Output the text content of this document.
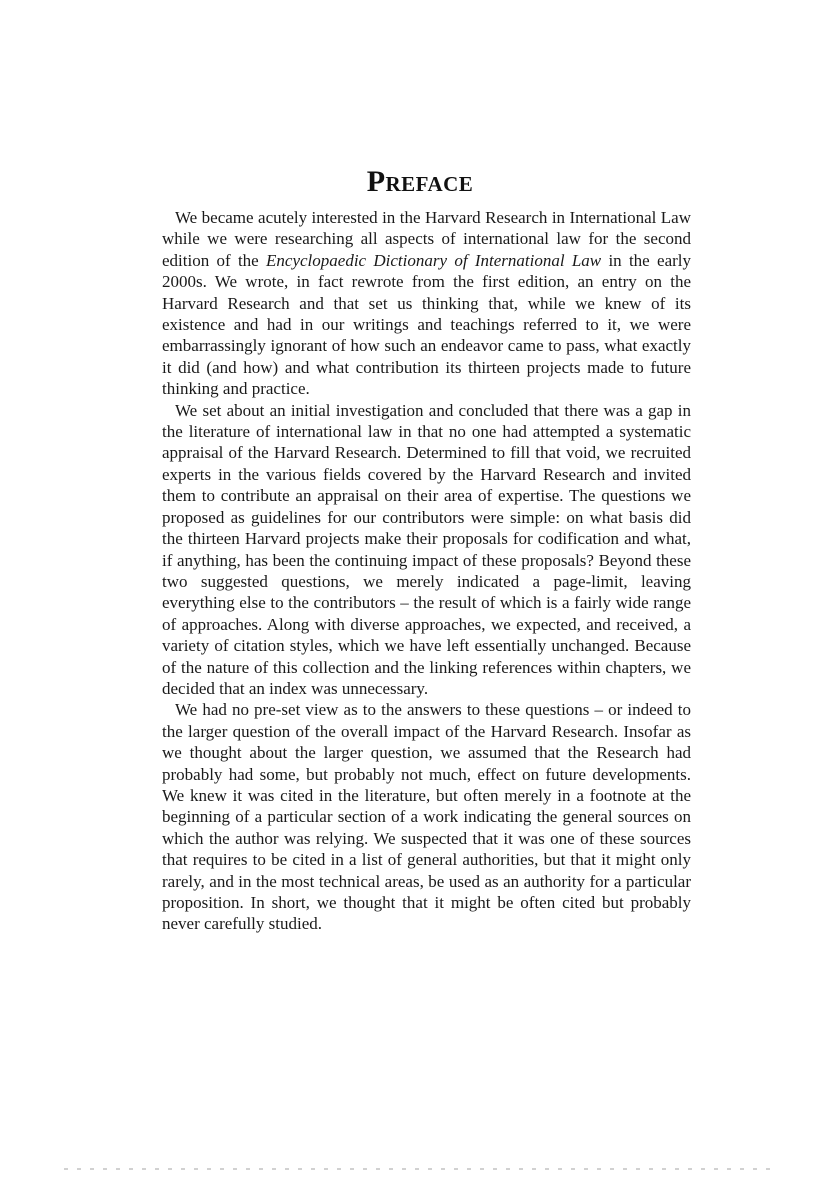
Preface

We became acutely interested in the Harvard Research in International Law while we were researching all aspects of international law for the second edition of the Encyclopaedic Dictionary of International Law in the early 2000s. We wrote, in fact rewrote from the first edition, an entry on the Harvard Research and that set us thinking that, while we knew of its existence and had in our writings and teachings referred to it, we were embarrassingly ignorant of how such an endeavor came to pass, what exactly it did (and how) and what contribution its thirteen projects made to future thinking and practice.

We set about an initial investigation and concluded that there was a gap in the literature of international law in that no one had attempted a systematic appraisal of the Harvard Research. Determined to fill that void, we recruited experts in the various fields covered by the Harvard Research and invited them to contribute an appraisal on their area of expertise. The questions we proposed as guidelines for our contributors were simple: on what basis did the thirteen Harvard projects make their proposals for codification and what, if anything, has been the continuing impact of these proposals? Beyond these two suggested questions, we merely indicated a page-limit, leaving everything else to the contributors – the result of which is a fairly wide range of approaches. Along with diverse approaches, we expected, and received, a variety of citation styles, which we have left essentially unchanged. Because of the nature of this collection and the linking references within chapters, we decided that an index was unnecessary.

We had no pre-set view as to the answers to these questions – or indeed to the larger question of the overall impact of the Harvard Research. Insofar as we thought about the larger question, we assumed that the Research had probably had some, but probably not much, effect on future developments. We knew it was cited in the literature, but often merely in a footnote at the beginning of a particular section of a work indicating the general sources on which the author was relying. We suspected that it was one of these sources that requires to be cited in a list of general authorities, but that it might only rarely, and in the most technical areas, be used as an authority for a particular proposition. In short, we thought that it might be often cited but probably never carefully studied.
